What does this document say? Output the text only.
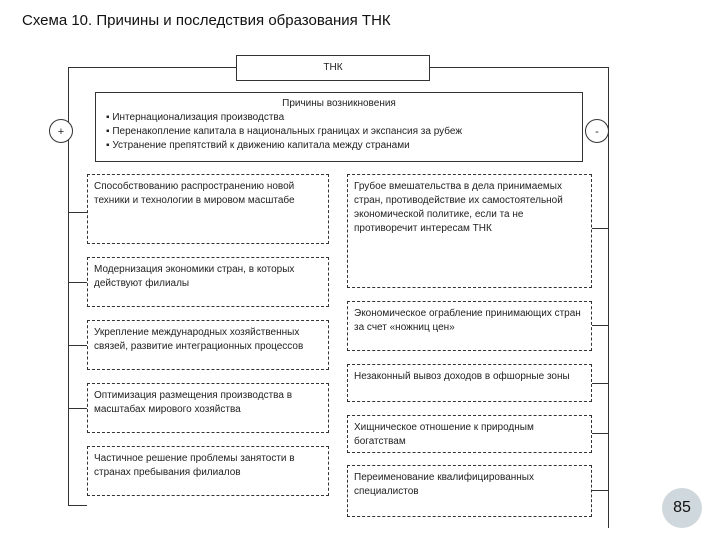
Схема 10. Причины и последствия образования ТНК
ТНК
Причины возникновения
▪ Интернационализация производства
▪ Перенакопление капитала в национальных границах и экспансия за рубеж
▪ Устранение препятствий к движению капитала между странами
+	-
Способствованию распространению новой техники и технологии в мировом масштабе
Модернизация экономики стран, в которых действуют филиалы
Укрепление международных хозяйственных связей, развитие интеграционных процессов
Оптимизация размещения производства в масштабах мирового хозяйства
Частичное решение проблемы занятости в странах пребывания филиалов
Грубое вмешательства в дела принимаемых стран, противодействие их самостоятельной экономической политике, если та не противоречит интересам ТНК
Экономическое ограбление принимающих стран за счет «ножниц цен»
Незаконный вывоз доходов в офшорные зоны
Хищническое отношение к природным богатствам
Переименование квалифицированных специалистов
85
